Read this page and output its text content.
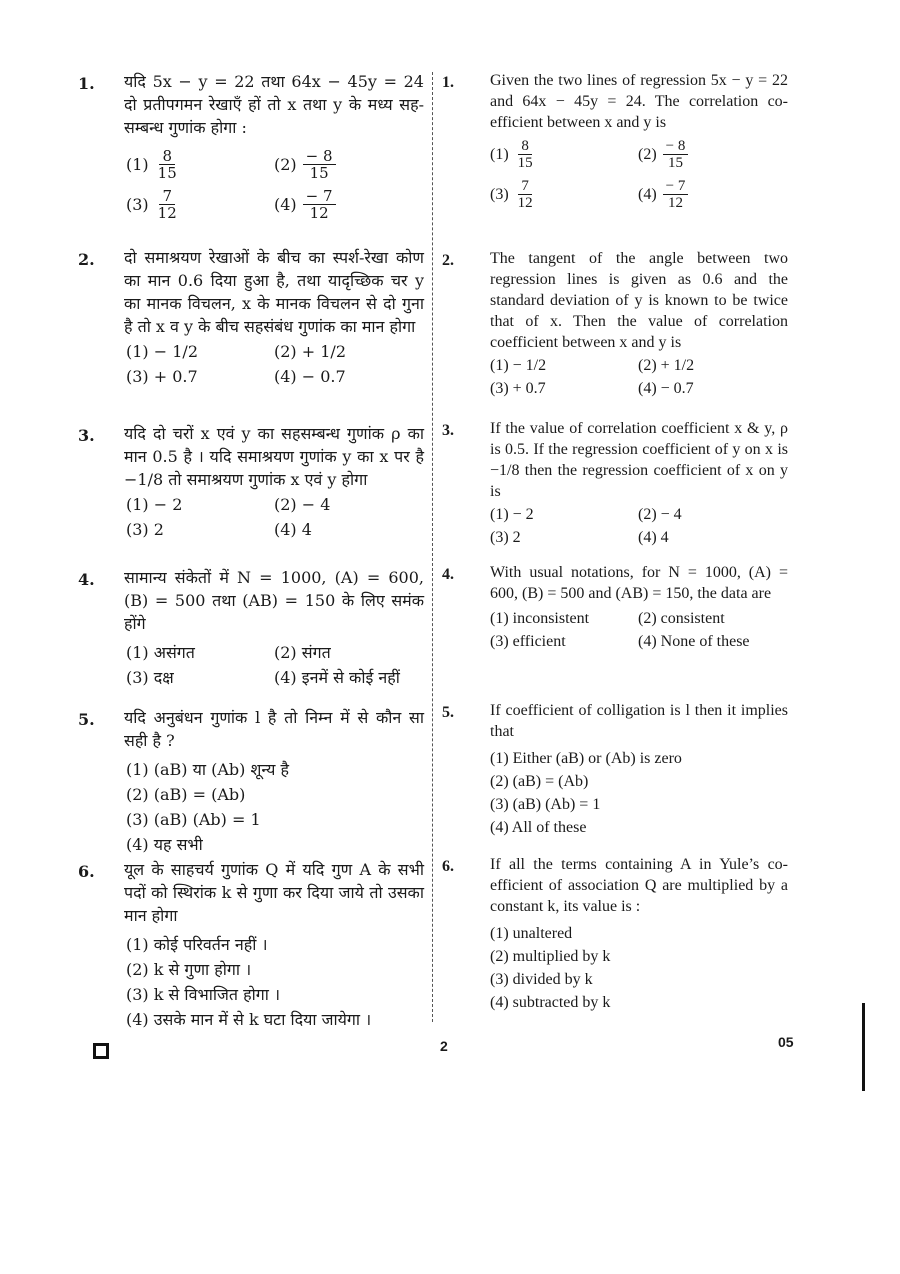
1.	यदि 5x − y = 22 तथा 64x − 45y = 24 दो प्रतीपगमन रेखाएँ हों तो x तथा y के मध्य सह-सम्बन्ध गुणांक होगा :
$(1) \frac{8}{15}$	$(2) \frac{- 8}{15}$
$(3) \frac{7}{12}$	$(4) \frac{- 7}{12}$
2.	दो समाश्रयण रेखाओं के बीच का स्पर्श-रेखा कोण का मान 0.6 दिया हुआ है, तथा यादृच्छिक चर y का मानक विचलन, x के मानक विचलन से दो गुना है तो x व y के बीच सहसंबंध गुणांक का मान होगा
(1) − 1/2	(2) + 1/2
(3) + 0.7	(4) − 0.7
3.	यदि दो चरों x एवं y का सहसम्बन्ध गुणांक ρ का मान 0.5 है । यदि समाश्रयण गुणांक y का x पर है −1/8 तो समाश्रयण गुणांक x एवं y होगा
(1) − 2	(2) − 4
(3) 2	(4) 4
4.	सामान्य संकेतों में N = 1000, (A) = 600, (B) = 500 तथा (AB) = 150 के लिए समंक होंगे
(1) असंगत	(2) संगत
(3) दक्ष	(4) इनमें से कोई नहीं
5.	यदि अनुबंधन गुणांक l है तो निम्न में से कौन सा सही है ?
(1) (aB) या (Ab) शून्य है
(2) (aB) = (Ab)
(3) (aB) (Ab) = 1
(4) यह सभी
6.	यूल के साहचर्य गुणांक Q में यदि गुण A के सभी पदों को स्थिरांक k से गुणा कर दिया जाये तो उसका मान होगा
(1) कोई परिवर्तन नहीं ।
(2) k से गुणा होगा ।
(3) k से विभाजित होगा ।
(4) उसके मान में से k घटा दिया जायेगा ।
1.	Given the two lines of regression 5x − y = 22 and 64x − 45y = 24. The correlation co-efficient between x and y is
$(1) \frac{8}{15}$	$(2) \frac{- 8}{15}$
$(3) \frac{7}{12}$	$(4) \frac{- 7}{12}$
2.	The tangent of the angle between two regression lines is given as 0.6 and the standard deviation of y is known to be twice that of x. Then the value of correlation coefficient between x and y is
(1) − 1/2	(2) + 1/2
(3) + 0.7	(4) − 0.7
3.	If the value of correlation coefficient x & y, ρ is 0.5. If the regression coefficient of y on x is −1/8 then the regression coefficient of x on y is
(1) − 2	(2) − 4
(3) 2	(4) 4
4.	With usual notations, for N = 1000, (A) = 600, (B) = 500 and (AB) = 150, the data are
(1) inconsistent	(2) consistent
(3) efficient	(4) None of these
5.	If coefficient of colligation is l then it implies that
(1) Either (aB) or (Ab) is zero
(2) (aB) = (Ab)
(3) (aB) (Ab) = 1
(4) All of these
6.	If all the terms containing A in Yule’s co-efficient of association Q are multiplied by a constant k, its value is :
(1) unaltered
(2) multiplied by k
(3) divided by k
(4) subtracted by k
2	05
